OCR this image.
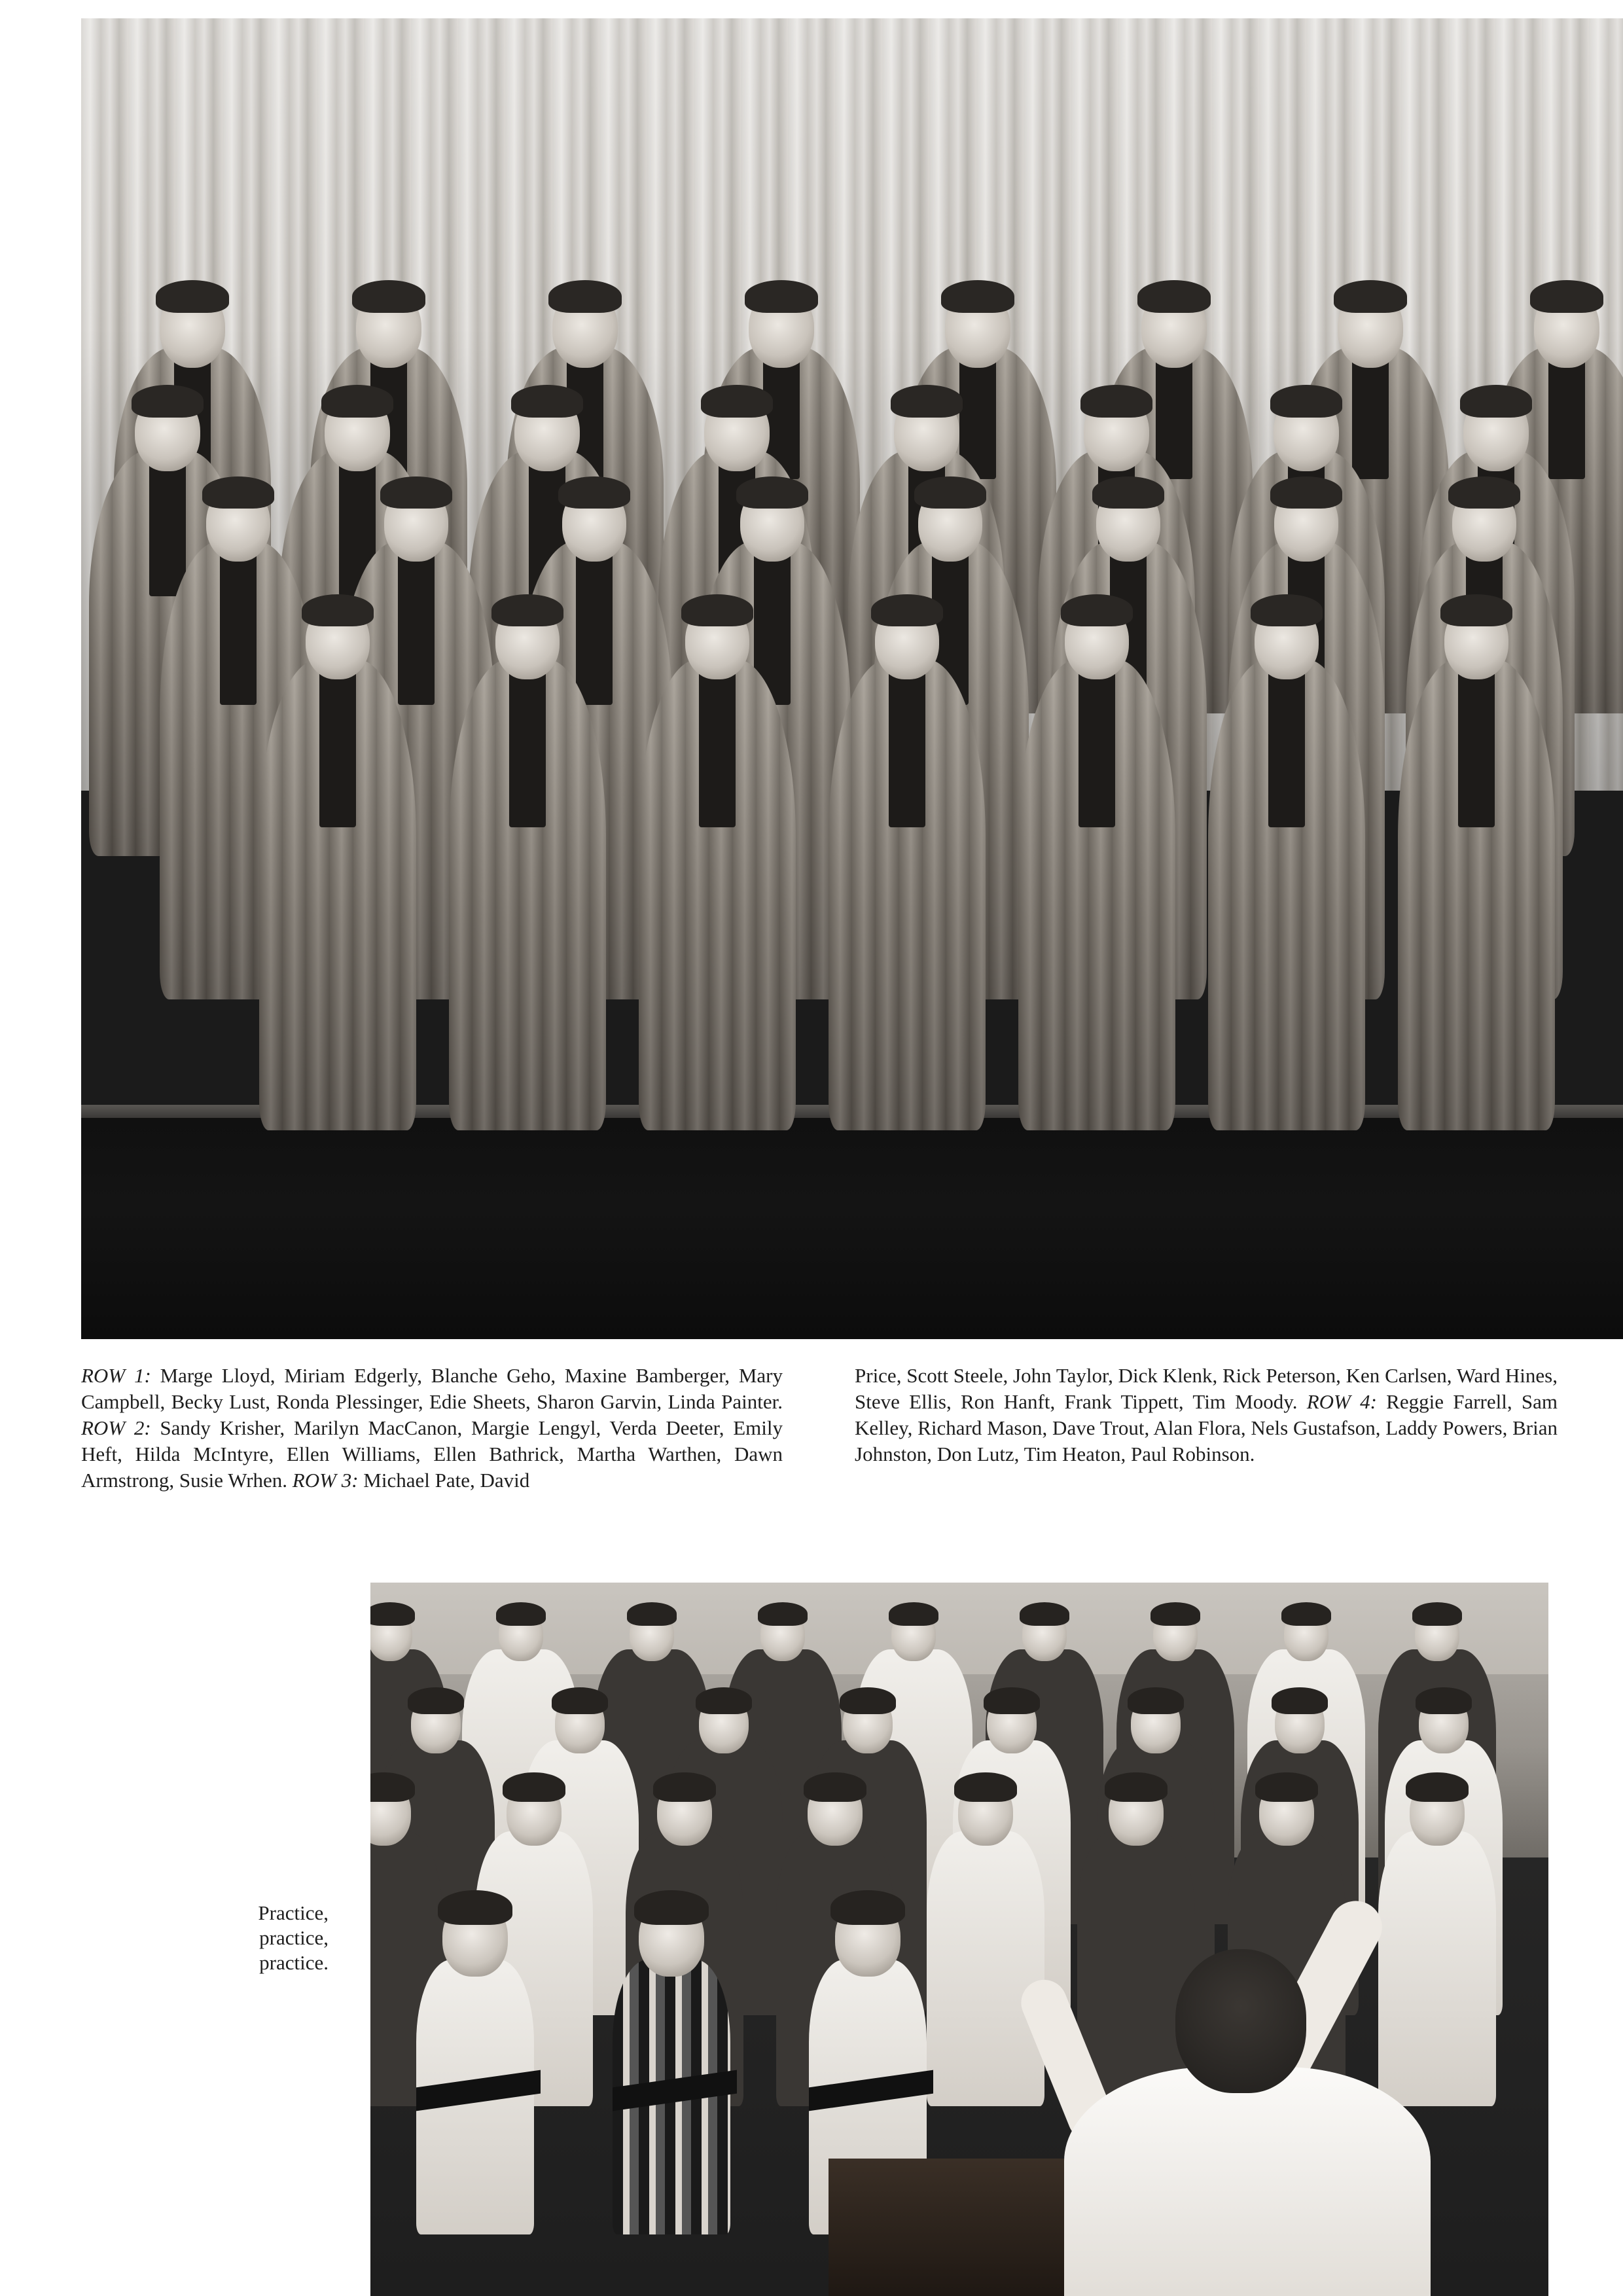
ROW 1: Marge Lloyd, Miriam Edgerly, Blanche Geho, Maxine Bamberger, Mary Campbell, Becky Lust, Ronda Plessinger, Edie Sheets, Sharon Garvin, Linda Painter. ROW 2: Sandy Krisher, Marilyn MacCanon, Margie Lengyl, Verda Deeter, Emily Heft, Hilda McIntyre, Ellen Williams, Ellen Bathrick, Martha Warthen, Dawn Armstrong, Susie Wrhen. ROW 3: Michael Pate, David
Price, Scott Steele, John Taylor, Dick Klenk, Rick Peterson, Ken Carlsen, Ward Hines, Steve Ellis, Ron Hanft, Frank Tippett, Tim Moody. ROW 4: Reggie Farrell, Sam Kelley, Richard Mason, Dave Trout, Alan Flora, Nels Gustafson, Laddy Powers, Brian Johnston, Don Lutz, Tim Heaton, Paul Robinson.
Practice,
practice,
practice.
